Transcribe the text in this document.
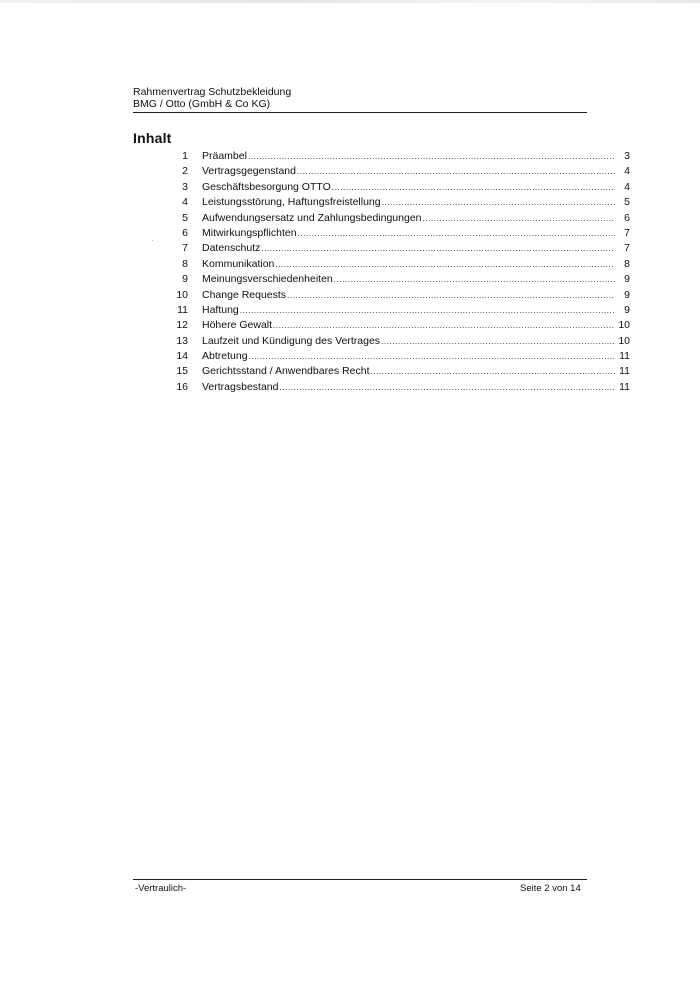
Rahmenvertrag Schutzbekleidung
BMG / Otto (GmbH & Co KG)
Inhalt
1 Präambel .....	3
2 Vertragsgegenstand .....	4
3 Geschäftsbesorgung OTTO .....	4
4 Leistungsstörung, Haftungsfreistellung .....	5
5 Aufwendungsersatz und Zahlungsbedingungen .....	6
6 Mitwirkungspflichten .....	7
7 Datenschutz .....	7
8 Kommunikation .....	8
9 Meinungsverschiedenheiten .....	9
10 Change Requests .....	9
11 Haftung .....	9
12 Höhere Gewalt .....	10
13 Laufzeit und Kündigung des Vertrages .....	10
14 Abtretung .....	11
15 Gerichtsstand / Anwendbares Recht .....	11
16 Vertragsbestand .....	11
-Vertraulich-	Seite 2 von 14
